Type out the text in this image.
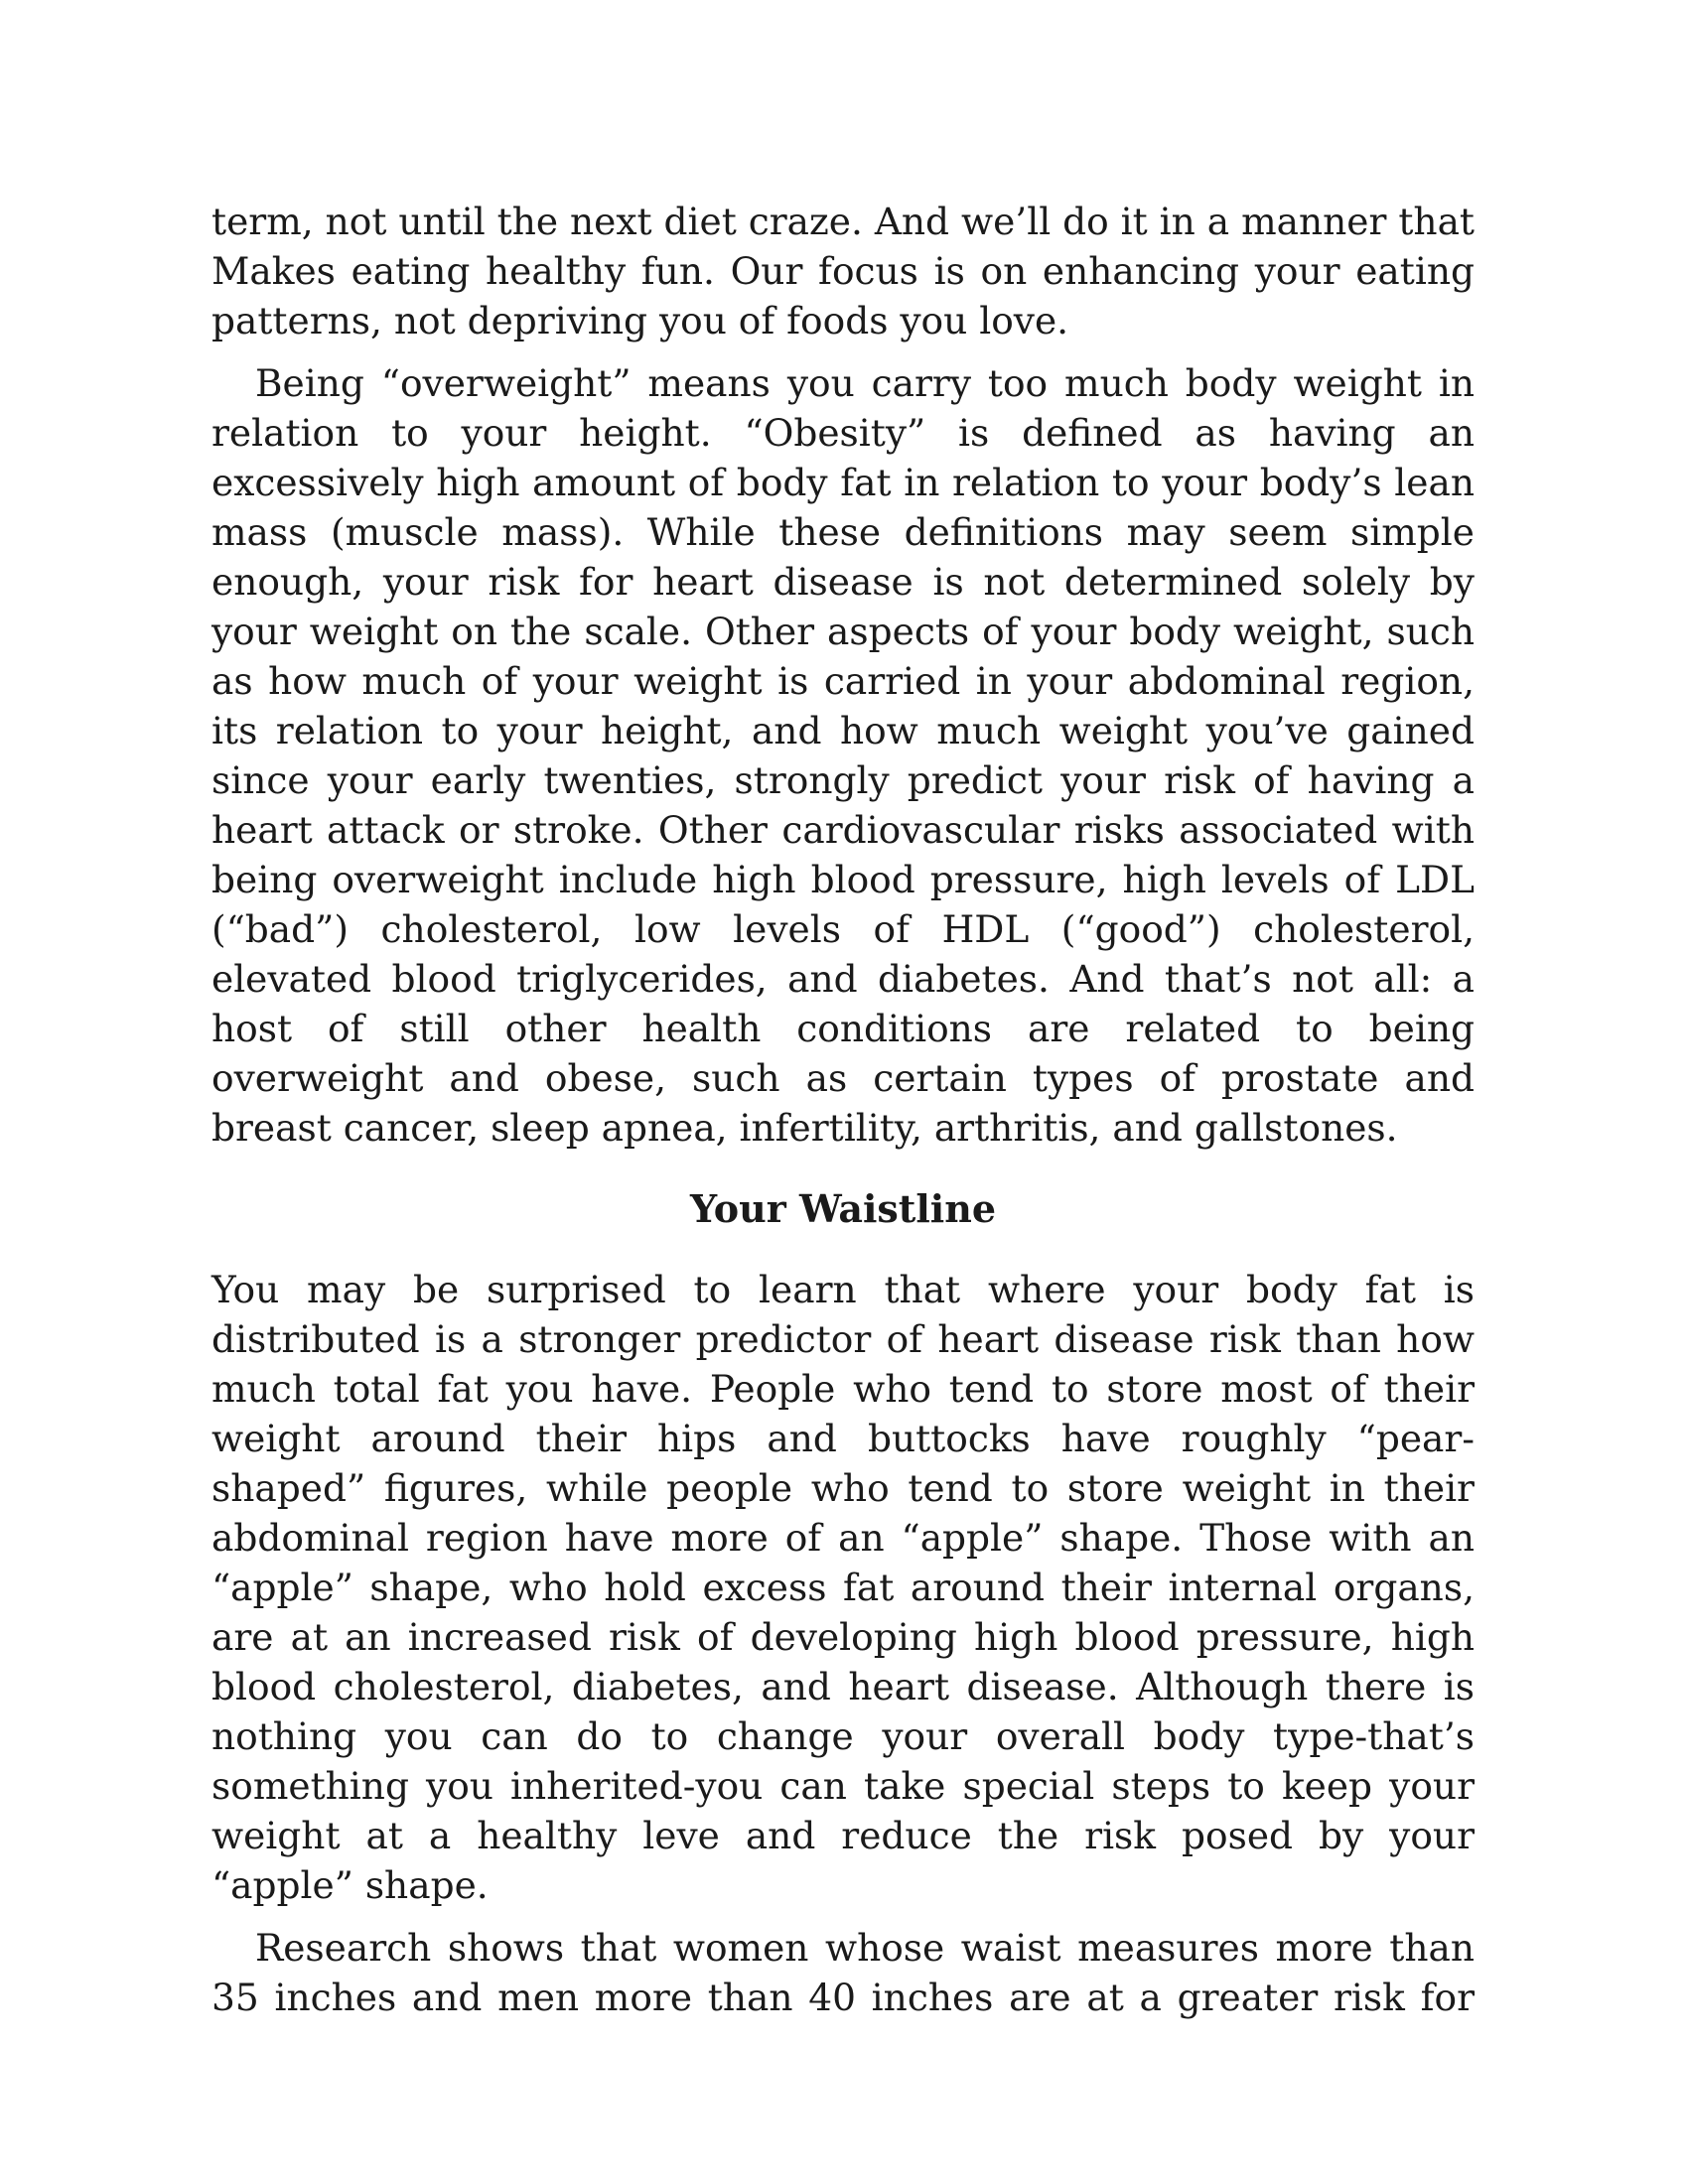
term, not until the next diet craze. And we’ll do it in a manner that Makes eating healthy fun. Our focus is on enhancing your eating patterns, not depriving you of foods you love.

Being “overweight” means you carry too much body weight in relation to your height. “Obesity” is defined as having an excessively high amount of body fat in relation to your body’s lean mass (muscle mass). While these definitions may seem simple enough, your risk for heart disease is not determined solely by your weight on the scale. Other aspects of your body weight, such as how much of your weight is carried in your abdominal region, its relation to your height, and how much weight you’ve gained since your early twenties, strongly predict your risk of having a heart attack or stroke. Other cardiovascular risks associated with being overweight include high blood pressure, high levels of LDL (“bad”) cholesterol, low levels of HDL (“good”) cholesterol, elevated blood triglycerides, and diabetes. And that’s not all: a host of still other health conditions are related to being overweight and obese, such as certain types of prostate and breast cancer, sleep apnea, infertility, arthritis, and gallstones.

Your Waistline

You may be surprised to learn that where your body fat is distributed is a stronger predictor of heart disease risk than how much total fat you have. People who tend to store most of their weight around their hips and buttocks have roughly “pear-shaped” figures, while people who tend to store weight in their abdominal region have more of an “apple” shape. Those with an “apple” shape, who hold excess fat around their internal organs, are at an increased risk of developing high blood pressure, high blood cholesterol, diabetes, and heart disease. Although there is nothing you can do to change your overall body type-that’s something you inherited-you can take special steps to keep your weight at a healthy leve and reduce the risk posed by your “apple” shape.

Research shows that women whose waist measures more than 35 inches and men more than 40 inches are at a greater risk for
